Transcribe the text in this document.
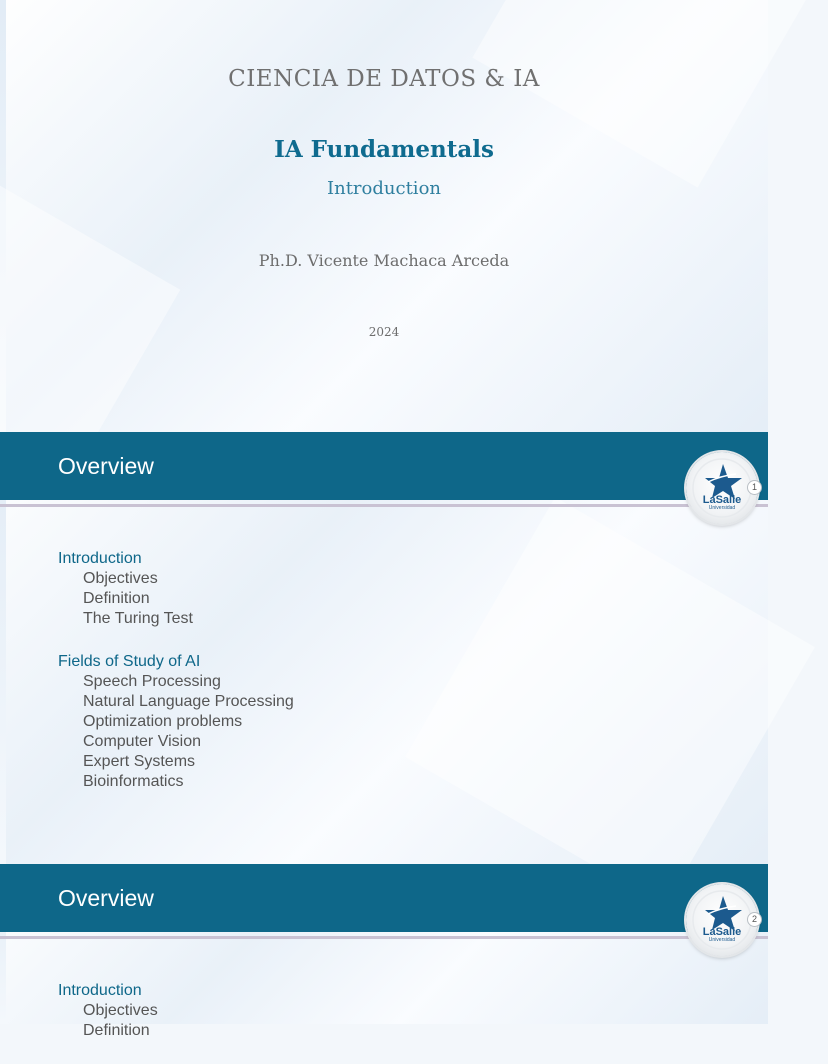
CIENCIA DE DATOS & IA
IA Fundamentals
Introduction
Ph.D. Vicente Machaca Arceda
2024
Overview
LaSalle
Universidad
1
Introduction
Objectives
Definition
The Turing Test
Fields of Study of AI
Speech Processing
Natural Language Processing
Optimization problems
Computer Vision
Expert Systems
Bioinformatics
Overview
LaSalle
Universidad
2
Introduction
Objectives
Definition
